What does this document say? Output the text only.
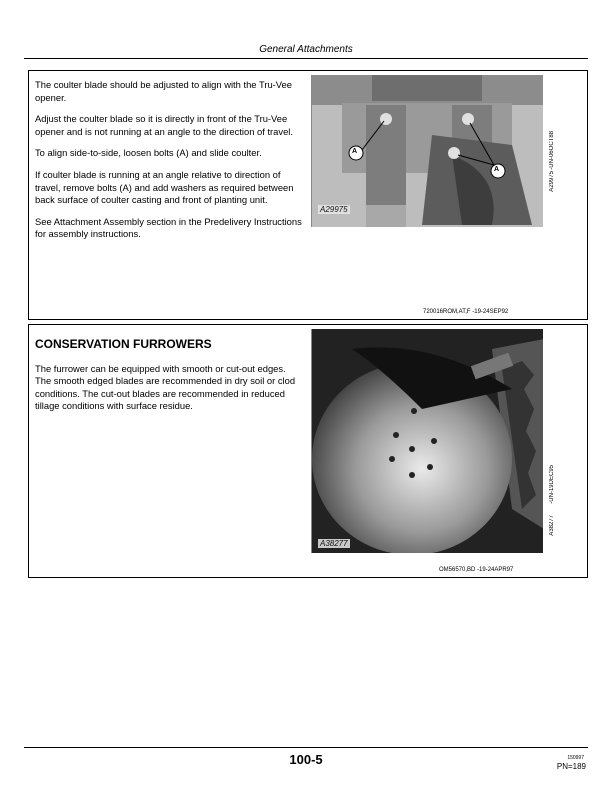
General Attachments

The coulter blade should be adjusted to align with the Tru-Vee opener.

Adjust the coulter blade so it is directly in front of the Tru-Vee opener and is not running at an angle to the direction of travel.

To align side-to-side, loosen bolts (A) and slide coulter.

If coulter blade is running at an angle relative to direction of travel, remove bolts (A) and add washers as required between back surface of coulter casting and front of planting unit.

See Attachment Assembly section in the Predelivery Instructions for assembly instructions.

A29975
A
A
A29975
-UN-06OCT88
720016ROM,AT,F -19-24SEP92
CONSERVATION FURROWERS

The furrower can be equipped with smooth or cut-out edges. The smooth edged blades are recommended in dry soil or clod conditions. The cut-out blades are recommended in reduced tillage conditions with surface residue.

A38277
A38277
-UN-19DEC95
OM56570,BD -19-24APR97
100-5	150997
PN=189
